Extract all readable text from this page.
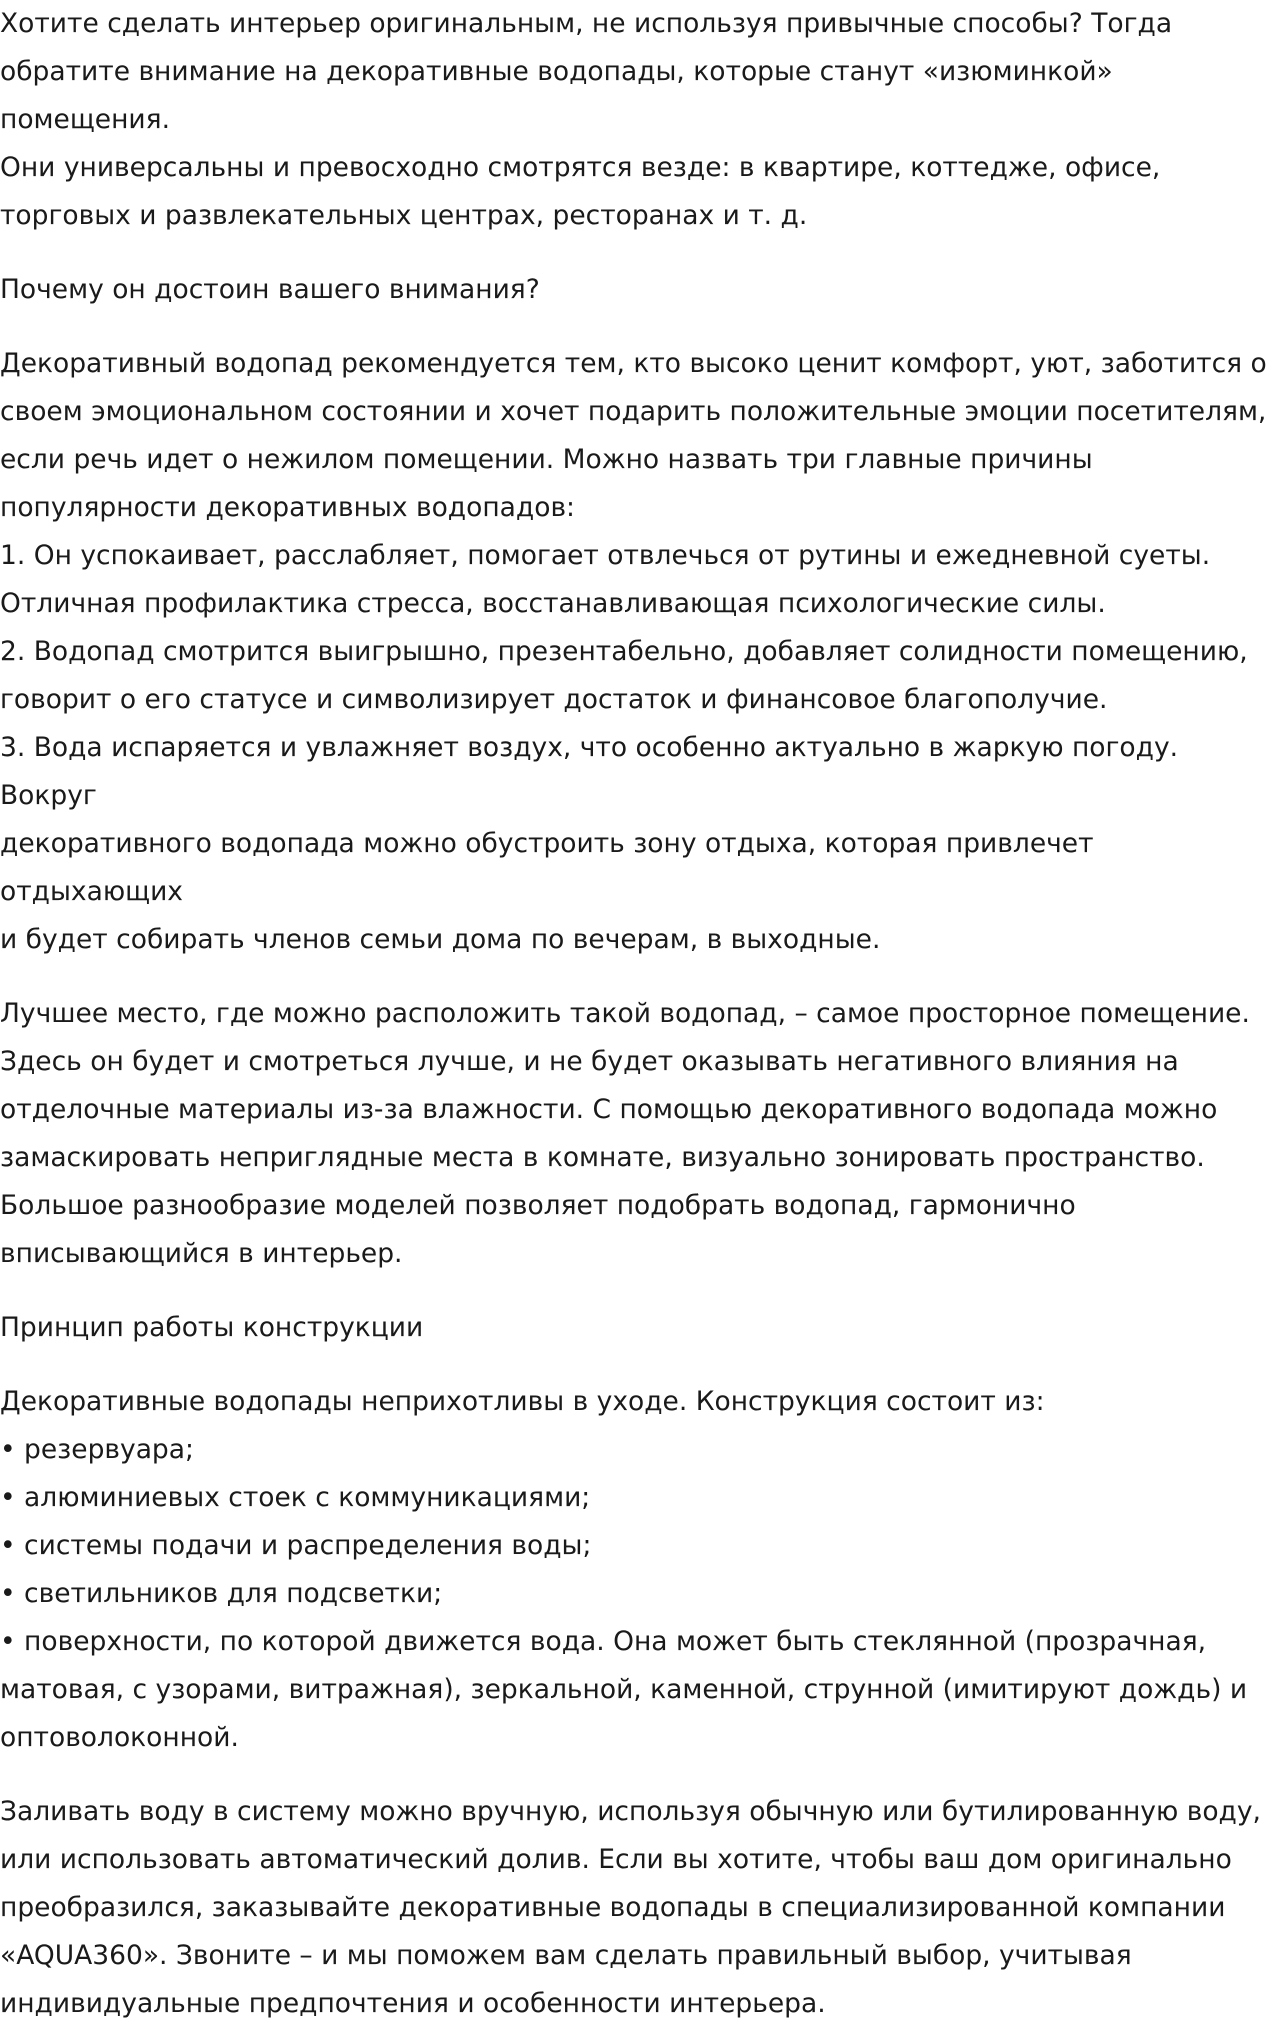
Хотите сделать интерьер оригинальным, не используя привычные способы? Тогда
обратите внимание на декоративные водопады, которые станут «изюминкой» помещения.
Они универсальны и превосходно смотрятся везде: в квартире, коттедже, офисе,
торговых и развлекательных центрах, ресторанах и т. д.

Почему он достоин вашего внимания?

Декоративный водопад рекомендуется тем, кто высоко ценит комфорт, уют, заботится о
своем эмоциональном состоянии и хочет подарить положительные эмоции посетителям,
если речь идет о нежилом помещении. Можно назвать три главные причины
популярности декоративных водопадов:
1. Он успокаивает, расслабляет, помогает отвлечься от рутины и ежедневной суеты.
Отличная профилактика стресса, восстанавливающая психологические силы.
2. Водопад смотрится выигрышно, презентабельно, добавляет солидности помещению,
говорит о его статусе и символизирует достаток и финансовое благополучие.
3. Вода испаряется и увлажняет воздух, что особенно актуально в жаркую погоду. Вокруг
декоративного водопада можно обустроить зону отдыха, которая привлечет отдыхающих
и будет собирать членов семьи дома по вечерам, в выходные.

Лучшее место, где можно расположить такой водопад, – самое просторное помещение.
Здесь он будет и смотреться лучше, и не будет оказывать негативного влияния на
отделочные материалы из-за влажности. С помощью декоративного водопада можно
замаскировать неприглядные места в комнате, визуально зонировать пространство.
Большое разнообразие моделей позволяет подобрать водопад, гармонично
вписывающийся в интерьер.

Принцип работы конструкции

Декоративные водопады неприхотливы в уходе. Конструкция состоит из:
• резервуара;
• алюминиевых стоек с коммуникациями;
• системы подачи и распределения воды;
• светильников для подсветки;
• поверхности, по которой движется вода. Она может быть стеклянной (прозрачная,
матовая, с узорами, витражная), зеркальной, каменной, струнной (имитируют дождь) и
оптоволоконной.

Заливать воду в систему можно вручную, используя обычную или бутилированную воду,
или использовать автоматический долив. Если вы хотите, чтобы ваш дом оригинально
преобразился, заказывайте декоративные водопады в специализированной компании
«AQUA360». Звоните – и мы поможем вам сделать правильный выбор, учитывая
индивидуальные предпочтения и особенности интерьера.
